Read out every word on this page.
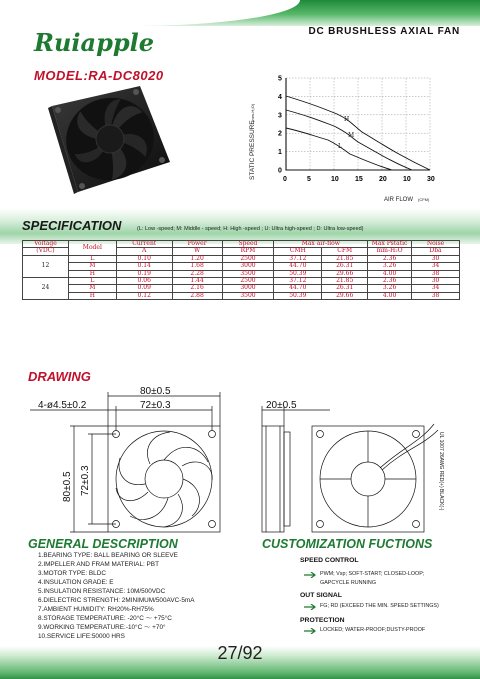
Ruiapple	DC BRUSHLESS AXIAL FAN
MODEL:RA-DC8020
STATIC PRESSURE
(mm-H₂O)
0
1
2
3
4
5
0	5	10 15 20 10 30
H
M
L
AIR FLOW (CFM)
SPECIFICATION	(L: Low -speed; M: Middle - speed; H: High -speed ; U: Ultra high-speed ; D: Ultra low-speed)
Voltage	Model	Current	Power	Speed	Max air-flow		Max Pstatic	Noise
(VDC)		A	W	RPM	CMH	CFM	mm-H₂O	Dba
12	L	0.10	1.20	2500	37.12	21.85	2.36	30
	M	0.14	1.68	3000	44.70	26.31	3.26	34
	H	0.19	2.28	3500	50.39	29.66	4.00	38
24	L	0.06	1.44	2500	37.12	21.85	2.36	30
	M	0.09	2.16	3000	44.70	26.31	3.26	34
	H	0.12	2.88	3500	50.39	29.66	4.00	38
DRAWING
80±0.5
72±0.3
4-ø4.5±0.2
80±0.5 72±0.3
20±0.5
UL 1007 26AWG RED(+) BLACK(-)
GENERAL DESCRIPTION	CUSTOMIZATION FUCTIONS
1.BEARING TYPE: BALL BEARING OR SLEEVE
2.IMPELLER AND FRAM MATERIAL: PBT
3.MOTOR TYPE: BLDC
4.INSULATION GRADE: E
5.INSULATION RESISTANCE: 10M/500VDC
6.DIELECTRIC STRENGTH: 2MINIMUM/500AVC-5mA
7.AMBIENT HUMIDITY: RH20%-RH75%
8.STORAGE TEMPERATURE: -20°C ～ +75°C
9.WORKING TEMPERATURE:-10°C ～ +70°
10.SERVICE LIFE:50000 HRS
SPEED CONTROL
PWM; Vsp; SOFT-START; CLOSED-LOOP;
GAPCYCLE RUNNING
OUT SIGNAL
FG; RD (EXCEED THE MIN. SPEED SETTINGS)
PROTECTION
LOCKED; WATER-PROOF;DUSTY-PROOF
27/92
